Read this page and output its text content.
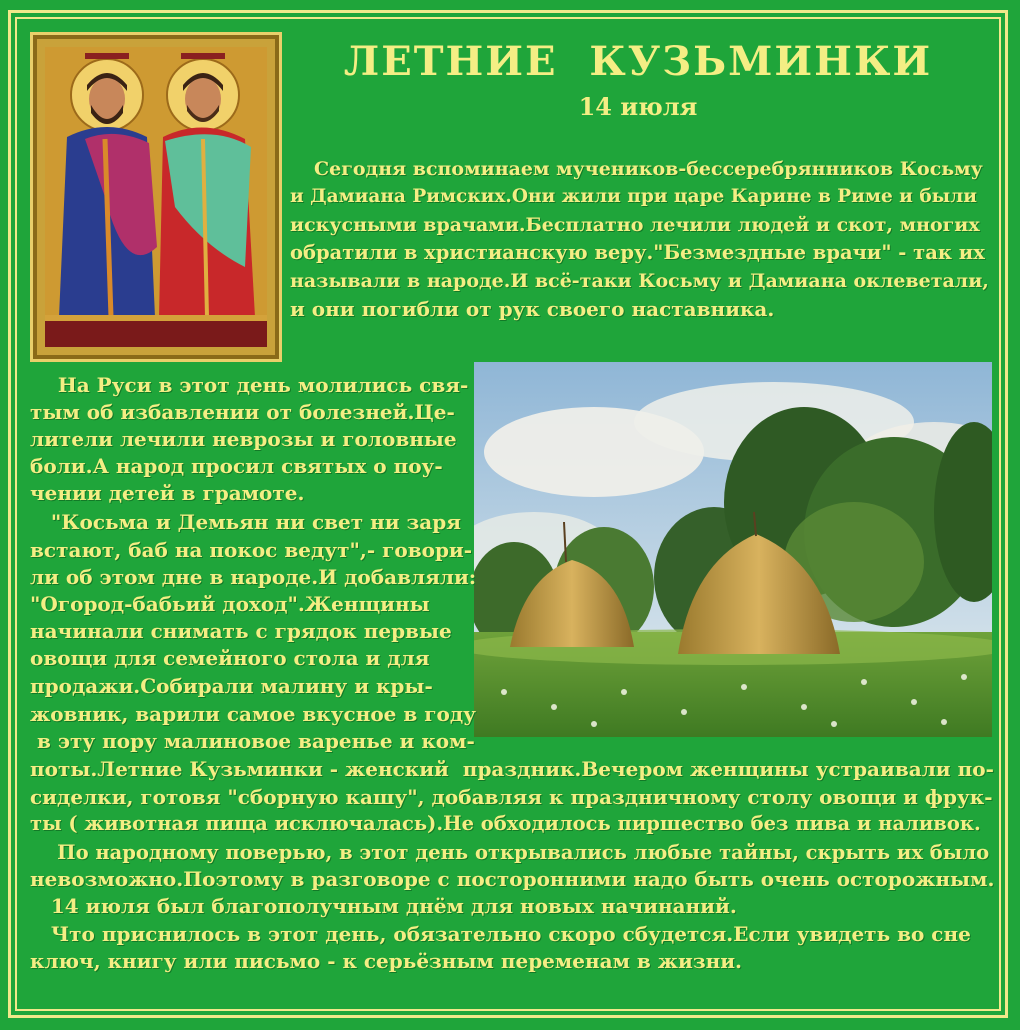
ЛЕТНИЕ  КУЗЬМИНКИ
14 июля
Сегодня вспоминаем мучеников-бессеребрянников Косьму
и Дамиана Римских.Они жили при царе Карине в Риме и были
искусными врачами.Бесплатно лечили людей и скот, многих
обратили в христианскую веру."Безмездные врачи" - так их
называли в народе.И всё-таки Косьму и Дамиана оклеветали,
и они погибли от рук своего наставника.
На Руси в этот день молились свя-
тым об избавлении от болезней.Це-
лители лечили неврозы и головные
боли.А народ просил святых о поу-
чении детей в грамоте.
"Косьма и Демьян ни свет ни заря
встают, баб на покос ведут",- говори-
ли об этом дне в народе.И добавляли:
"Огород-бабьий доход".Женщины
начинали снимать с грядок первые
овощи для семейного стола и для
продажи.Собирали малину и кры-
жовник, варили самое вкусное в году
в эту пору малиновое варенье и ком-
поты.Летние Кузьминки - женский  праздник.Вечером женщины устраивали по-
сиделки, готовя "сборную кашу", добавляя к праздничному столу овощи и фрук-
ты ( животная пища исключалась).Не обходилось пиршество без пива и наливок.
По народному поверью, в этот день открывались любые тайны, скрыть их было
невозможно.Поэтому в разговоре с посторонними надо быть очень осторожным.
14 июля был благополучным днём для новых начинаний.
Что приснилось в этот день, обязательно скоро сбудется.Если увидеть во сне
ключ, книгу или письмо - к серьёзным переменам в жизни.
